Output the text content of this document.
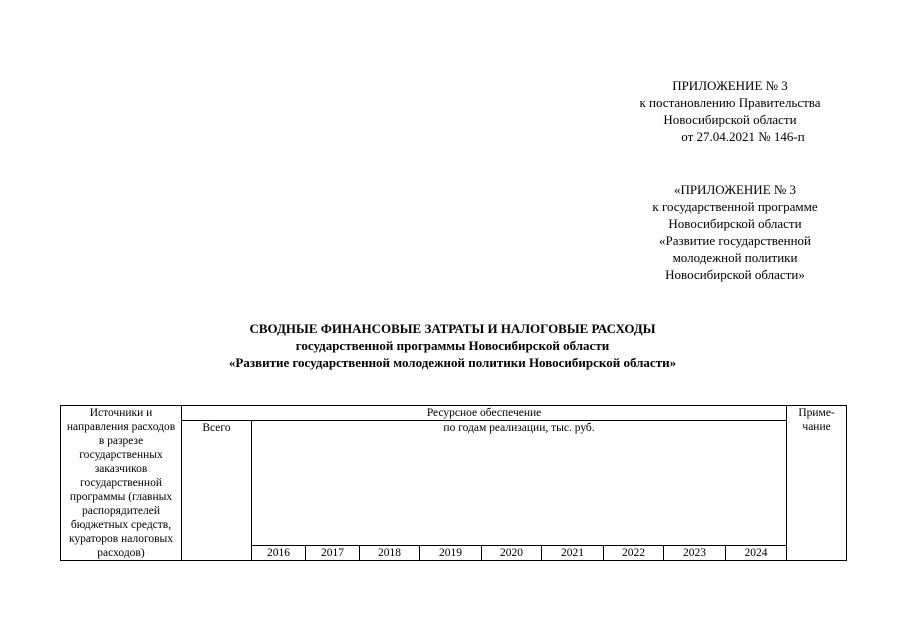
ПРИЛОЖЕНИЕ № 3
к постановлению Правительства
Новосибирской области
от 27.04.2021 № 146-п
«ПРИЛОЖЕНИЕ № 3
к государственной программе
Новосибирской области
«Развитие государственной
молодежной политики
Новосибирской области»
СВОДНЫЕ ФИНАНСОВЫЕ ЗАТРАТЫ И НАЛОГОВЫЕ РАСХОДЫ
государственной программы Новосибирской области
«Развитие государственной молодежной политики Новосибирской области»
Источники и направления расходов в разрезе государственных заказчиков государственной программы (главных распорядителей бюджетных средств, кураторов налоговых расходов)	Ресурсное обеспечение										Приме-чание
	Всего	по годам реализации, тыс. руб.									
		2016	2017	2018	2019	2020	2021	2022	2023	2024	
